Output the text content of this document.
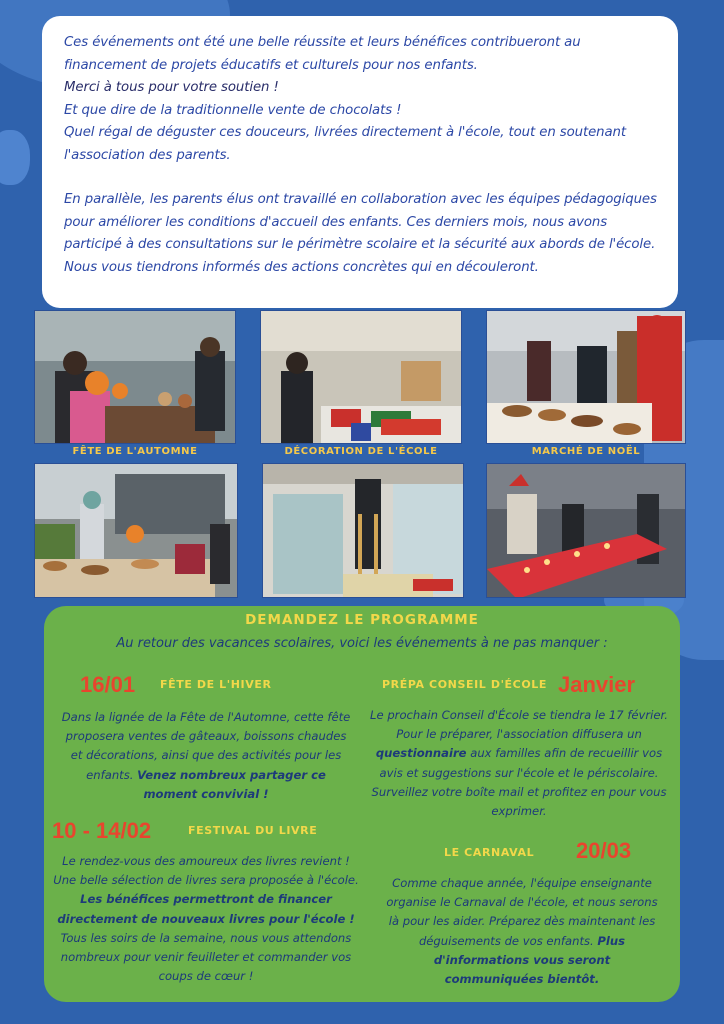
Ces événements ont été une belle réussite et leurs bénéfices contribueront au financement de projets éducatifs et culturels pour nos enfants.

Merci à tous pour votre soutien !

Et que dire de la traditionnelle vente de chocolats !

Quel régal de déguster ces douceurs, livrées directement à l'école, tout en soutenant l'association des parents.

En parallèle, les parents élus ont travaillé en collaboration avec les équipes pédagogiques pour améliorer les conditions d'accueil des enfants. Ces derniers mois, nous avons participé à des consultations sur le périmètre scolaire et la sécurité aux abords de l'école.

Nous vous tiendrons informés des actions concrètes qui en découleront.

FÊTE DE L'AUTOMNE	DÉCORATION DE L'ÉCOLE	MARCHÉ DE NOËL
DEMANDEZ LE PROGRAMME
Au retour des vacances scolaires, voici les événements à ne pas manquer :
16/01 FÊTE DE L'HIVER
Dans la lignée de la Fête de l'Automne, cette fête proposera ventes de gâteaux, boissons chaudes et décorations, ainsi que des activités pour les enfants. Venez nombreux partager ce moment convivial !
PRÉPA CONSEIL D'ÉCOLE Janvier
Le prochain Conseil d'École se tiendra le 17 février. Pour le préparer, l'association diffusera un questionnaire aux familles afin de recueillir vos avis et suggestions sur l'école et le périscolaire. Surveillez votre boîte mail et profitez en pour vous exprimer.
10 - 14/02	FESTIVAL DU LIVRE
Le rendez-vous des amoureux des livres revient ! Une belle sélection de livres sera proposée à l'école. Les bénéfices permettront de financer directement de nouveaux livres pour l'école ! Tous les soirs de la semaine, nous vous attendons nombreux pour venir feuilleter et commander vos coups de cœur !
LE CARNAVAL 20/03
Comme chaque année, l'équipe enseignante organise le Carnaval de l'école, et nous serons là pour les aider. Préparez dès maintenant les déguisements de vos enfants. Plus d'informations vous seront communiquées bientôt.
